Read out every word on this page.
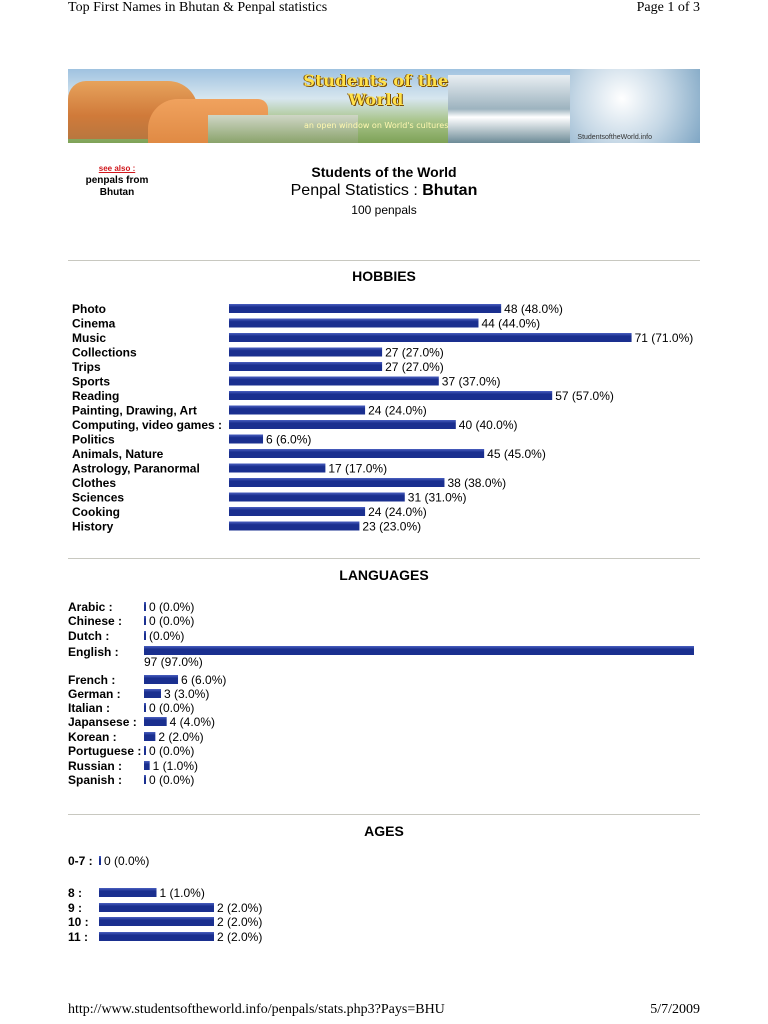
Top First Names in Bhutan & Penpal statistics	Page 1 of 3
Students of the World
an open window on World's cultures
StudentsoftheWorld.info
see also :
penpals from
Bhutan
Students of the World
Penpal Statistics : Bhutan
100 penpals
HOBBIES
LANGUAGES
AGES
Photo	48 (48.0%)
Cinema	44 (44.0%)
Music	71 (71.0%)
Collections	27 (27.0%)
Trips	27 (27.0%)
Sports	37 (37.0%)
Reading	57 (57.0%)
Painting, Drawing, Art	24 (24.0%)
Computing, video games :	40 (40.0%)
Politics	6 (6.0%)
Animals, Nature	45 (45.0%)
Astrology, Paranormal	17 (17.0%)
Clothes	38 (38.0%)
Sciences	31 (31.0%)
Cooking	24 (24.0%)
History	23 (23.0%)
Arabic :	0 (0.0%)
Chinese : 0 (0.0%)
Dutch :	(0.0%)
English :
97 (97.0%)
French :	6 (6.0%)
German :	3 (3.0%)
Italian :	0 (0.0%)
Japansese :	4 (4.0%)
Korean :	2 (2.0%)
Portuguese : 0 (0.0%)
Russian :	1 (1.0%)
Spanish : 0 (0.0%)
0-7 : 0 (0.0%)
8 :	1 (1.0%)
9 :	2 (2.0%)
10 :	2 (2.0%)
11 :	2 (2.0%)
http://www.studentsoftheworld.info/penpals/stats.php3?Pays=BHU	5/7/2009
